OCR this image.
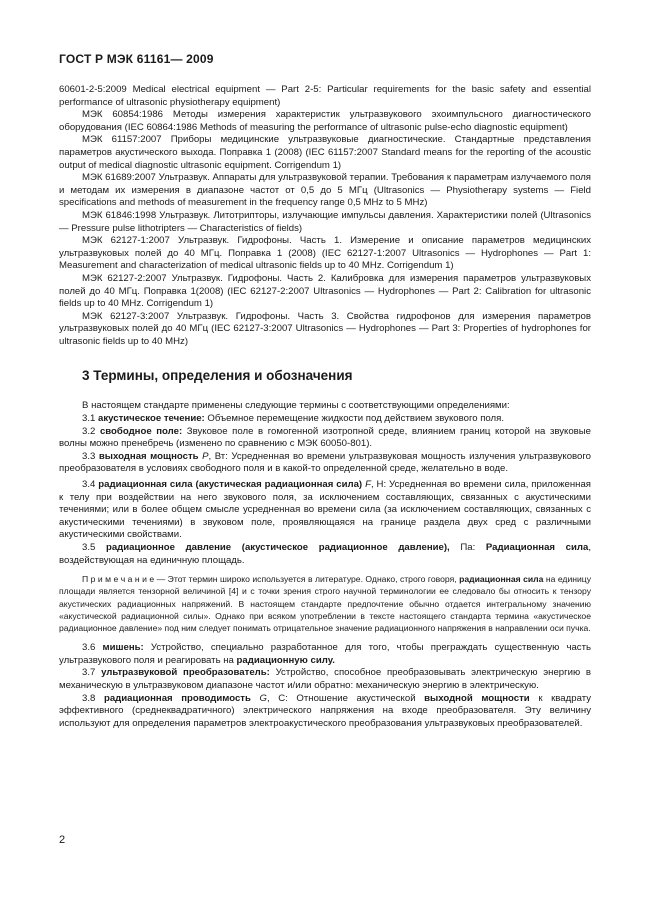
ГОСТ Р МЭК 61161— 2009

60601-2-5:2009 Medical electrical equipment — Part 2-5: Particular requirements for the basic safety and essential performance of ultrasonic physiotherapy equipment)

МЭК 60854:1986 Методы измерения характеристик ультразвукового эхоимпульсного диагностического оборудования (IEC 60864:1986 Methods of measuring the performance of ultrasonic pulse-echo diagnostic equipment)

МЭК 61157:2007 Приборы медицинские ультразвуковые диагностические. Стандартные представления параметров акустического выхода. Поправка 1 (2008) (IEC 61157:2007 Standard means for the reporting of the acoustic output of medical diagnostic ultrasonic equipment. Corrigendum 1)

МЭК 61689:2007 Ультразвук. Аппараты для ультразвуковой терапии. Требования к параметрам излучаемого поля и методам их измерения в диапазоне частот от 0,5 до 5 МГц (Ultrasonics — Physiotherapy systems — Field specifications and methods of measurement in the frequency range 0,5 MHz to 5 MHz)

МЭК 61846:1998 Ультразвук. Литотрипторы, излучающие импульсы давления. Характеристики полей (Ultrasonics — Pressure pulse lithotripters — Characteristics of fields)

МЭК 62127-1:2007 Ультразвук. Гидрофоны. Часть 1. Измерение и описание параметров медицинских ультразвуковых полей до 40 МГц. Поправка 1 (2008) (IEC 62127-1:2007 Ultrasonics — Hydrophones — Part 1: Measurement and characterization of medical ultrasonic fields up to 40 MHz. Corrigendum 1)

МЭК 62127-2:2007 Ультразвук. Гидрофоны. Часть 2. Калибровка для измерения параметров ультразвуковых полей до 40 МГц. Поправка 1(2008) (IEC 62127-2:2007 Ultrasonics — Hydrophones — Part 2: Calibration for ultrasonic fields up to 40 MHz. Corrigendum 1)

МЭК 62127-3:2007 Ультразвук. Гидрофоны. Часть 3. Свойства гидрофонов для измерения параметров ультразвуковых полей до 40 МГц (IEC 62127-3:2007 Ultrasonics — Hydrophones — Part 3: Properties of hydrophones for ultrasonic fields up to 40 MHz)

3 Термины, определения и обозначения

В настоящем стандарте применены следующие термины с соответствующими определениями:

3.1 акустическое течение: Объемное перемещение жидкости под действием звукового поля.

3.2 свободное поле: Звуковое поле в гомогенной изотропной среде, влиянием границ которой на звуковые волны можно пренебречь (изменено по сравнению с МЭК 60050-801).

3.3 выходная мощность P, Вт: Усредненная во времени ультразвуковая мощность излучения ультразвукового преобразователя в условиях свободного поля и в какой-то определенной среде, желательно в воде.

3.4 радиационная сила (акустическая радиационная сила) F, Н: Усредненная во времени сила, приложенная к телу при воздействии на него звукового поля, за исключением составляющих, связанных с акустическими течениями; или в более общем смысле усредненная во времени сила (за исключением составляющих, связанных с акустическими течениями) в звуковом поле, проявляющаяся на границе раздела двух сред с различными акустическими свойствами.

3.5 радиационное давление (акустическое радиационное давление), Па: Радиационная сила, воздействующая на единичную площадь.

П р и м е ч а н и е — Этот термин широко используется в литературе. Однако, строго говоря, радиационная сила на единицу площади является тензорной величиной [4] и с точки зрения строго научной терминологии ее следовало бы относить к тензору акустических радиационных напряжений. В настоящем стандарте предпочтение обычно отдается интегральному значению «акустической радиационной силы». Однако при всяком употреблении в тексте настоящего стандарта термина «акустическое радиационное давление» под ним следует понимать отрицательное значение радиационного напряжения в направлении оси пучка.

3.6 мишень: Устройство, специально разработанное для того, чтобы преграждать существенную часть ультразвукового поля и реагировать на радиационную силу.

3.7 ультразвуковой преобразователь: Устройство, способное преобразовывать электрическую энергию в механическую в ультразвуковом диапазоне частот и/или обратно: механическую энергию в электрическую.

3.8 радиационная проводимость G, С: Отношение акустической выходной мощности к квадрату эффективного (среднеквадратичного) электрического напряжения на входе преобразователя. Эту величину используют для определения параметров электроакустического преобразования ультразвуковых преобразователей.

2
